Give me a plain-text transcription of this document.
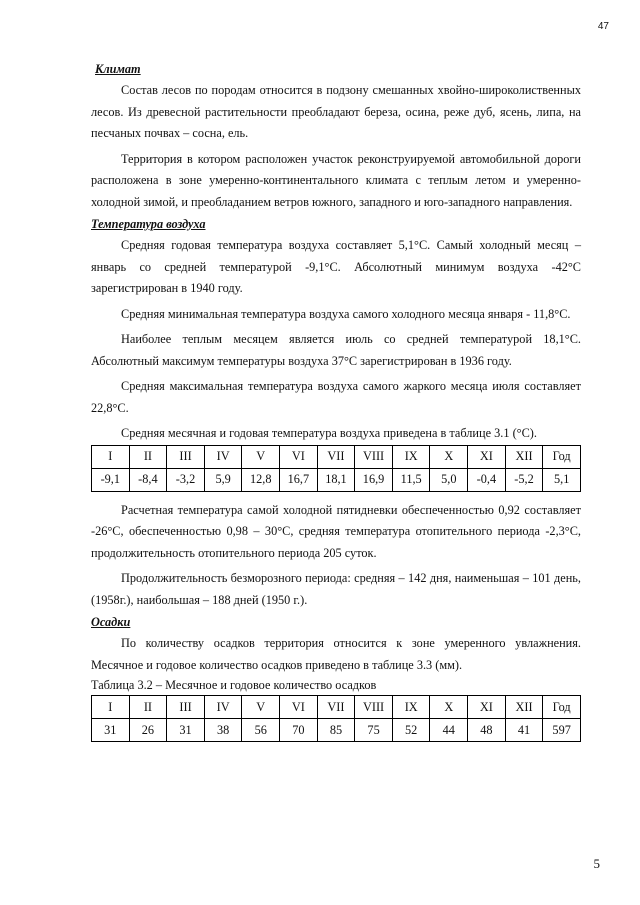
47
Климат

Состав лесов по породам относится в подзону смешанных хвойно-широколиственных лесов. Из древесной растительности преобладают береза, осина, реже дуб, ясень, липа, на песчаных почвах – сосна, ель.

Территория в котором расположен участок реконструируемой автомобильной дороги расположена в зоне умеренно-континентального климата с теплым летом и умеренно-холодной зимой, и преобладанием ветров южного, западного и юго-западного направления.

Температура воздуха

Средняя годовая температура воздуха составляет 5,1°С. Самый холодный месяц – январь со средней температурой -9,1°С. Абсолютный минимум воздуха -42°С зарегистрирован в 1940 году.

Средняя минимальная температура воздуха самого холодного месяца января - 11,8°С.

Наиболее теплым месяцем является июль со средней температурой 18,1°С. Абсолютный максимум температуры воздуха 37°С зарегистрирован в 1936 году.

Средняя максимальная температура воздуха самого жаркого месяца июля составляет 22,8°С.

Средняя месячная и годовая температура воздуха приведена в таблице 3.1 (°С).

I	II	III	IV	V	VI	VII	VIII	IX	X	XI	XII	Год
-9,1	-8,4	-3,2	5,9	12,8	16,7	18,1	16,9	11,5	5,0	-0,4	-5,2	5,1

Расчетная температура самой холодной пятидневки обеспеченностью 0,92 составляет -26°С, обеспеченностью 0,98 – 30°С, средняя температура отопительного периода -2,3°С, продолжительность отопительного периода 205 суток.

Продолжительность безморозного периода: средняя – 142 дня, наименьшая – 101 день, (1958г.), наибольшая – 188 дней (1950 г.).

Осадки

По количеству осадков территория относится к зоне умеренного увлажнения. Месячное и годовое количество осадков приведено в таблице 3.3 (мм).

Таблица 3.2 – Месячное и годовое количество осадков

I	II	III	IV	V	VI	VII	VIII	IX	X	XI	XII	Год
31	26	31	38	56	70	85	75	52	44	48	41	597
5
